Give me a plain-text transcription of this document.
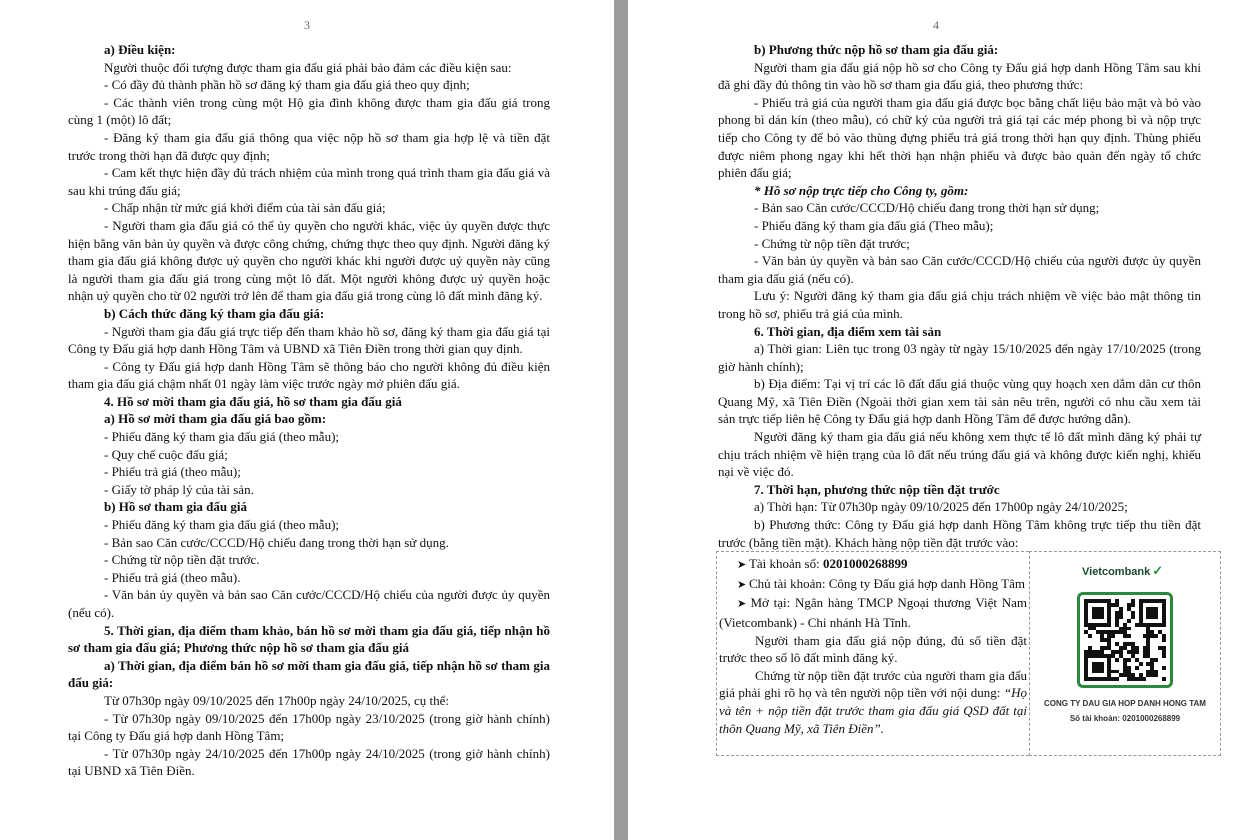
3

a) Điều kiện:

Người thuộc đối tượng được tham gia đấu giá phải bảo đảm các điều kiện sau:

- Có đầy đủ thành phần hồ sơ đăng ký tham gia đấu giá theo quy định;

- Các thành viên trong cùng một Hộ gia đình không được tham gia đấu giá trong cùng 1 (một) lô đất;

- Đăng ký tham gia đấu giá thông qua việc nộp hồ sơ tham gia hợp lệ và tiền đặt trước trong thời hạn đã được quy định;

- Cam kết thực hiện đầy đủ trách nhiệm của mình trong quá trình tham gia đấu giá và sau khi trúng đấu giá;

- Chấp nhận từ mức giá khởi điểm của tài sản đấu giá;

- Người tham gia đấu giá có thể ủy quyền cho người khác, việc ủy quyền được thực hiện bằng văn bản ủy quyền và được công chứng, chứng thực theo quy định. Người đăng ký tham gia đấu giá không được uỷ quyền cho người khác khi người được uỷ quyền này cũng là người tham gia đấu giá trong cùng một lô đất. Một người không được uỷ quyền hoặc nhận uỷ quyền cho từ 02 người trở lên để tham gia đấu giá trong cùng lô đất mình đăng ký.

b) Cách thức đăng ký tham gia đấu giá:

- Người tham gia đấu giá trực tiếp đến tham khảo hồ sơ, đăng ký tham gia đấu giá tại Công ty Đấu giá hợp danh Hồng Tâm và UBND xã Tiên Điền trong thời gian quy định.

- Công ty Đấu giá hợp danh Hồng Tâm sẽ thông báo cho người không đủ điều kiện tham gia đấu giá chậm nhất 01 ngày làm việc trước ngày mở phiên đấu giá.

4. Hồ sơ mời tham gia đấu giá, hồ sơ tham gia đấu giá

a) Hồ sơ mời tham gia đấu giá bao gồm:

- Phiếu đăng ký tham gia đấu giá (theo mẫu);

- Quy chế cuộc đấu giá;

- Phiếu trả giá (theo mẫu);

- Giấy tờ pháp lý của tài sản.

b) Hồ sơ tham gia đấu giá

- Phiếu đăng ký tham gia đấu giá (theo mẫu);

- Bản sao Căn cước/CCCD/Hộ chiếu đang trong thời hạn sử dụng.

- Chứng từ nộp tiền đặt trước.

- Phiếu trả giá (theo mẫu).

- Văn bản ủy quyền và bản sao Căn cước/CCCD/Hộ chiếu của người được ủy quyền (nếu có).

5. Thời gian, địa điểm tham khảo, bán hồ sơ mời tham gia đấu giá, tiếp nhận hồ sơ tham gia đấu giá; Phương thức nộp hồ sơ tham gia đấu giá

a) Thời gian, địa điểm bán hồ sơ mời tham gia đấu giá, tiếp nhận hồ sơ tham gia đấu giá:

Từ 07h30p ngày 09/10/2025 đến 17h00p ngày 24/10/2025, cụ thể:

- Từ 07h30p ngày 09/10/2025 đến 17h00p ngày 23/10/2025 (trong giờ hành chính) tại Công ty Đấu giá hợp danh Hồng Tâm;

- Từ 07h30p ngày 24/10/2025 đến 17h00p ngày 24/10/2025 (trong giờ hành chính) tại UBND xã Tiên Điền.

4

b) Phương thức nộp hồ sơ tham gia đấu giá:

Người tham gia đấu giá nộp hồ sơ cho Công ty Đấu giá hợp danh Hồng Tâm sau khi đã ghi đầy đủ thông tin vào hồ sơ tham gia đấu giá, theo phương thức:

- Phiếu trả giá của người tham gia đấu giá được bọc bằng chất liệu bảo mật và bỏ vào phong bì dán kín (theo mẫu), có chữ ký của người trả giá tại các mép phong bì và nộp trực tiếp cho Công ty để bỏ vào thùng đựng phiếu trả giá trong thời hạn quy định. Thùng phiếu được niêm phong ngay khi hết thời hạn nhận phiếu và được bảo quản đến ngày tổ chức phiên đấu giá;

* Hồ sơ nộp trực tiếp cho Công ty, gồm:

- Bản sao Căn cước/CCCD/Hộ chiếu đang trong thời hạn sử dụng;

- Phiếu đăng ký tham gia đấu giá (Theo mẫu);

- Chứng từ nộp tiền đặt trước;

- Văn bản ủy quyền và bản sao Căn cước/CCCD/Hộ chiếu của người được ủy quyền tham gia đấu giá (nếu có).

Lưu ý: Người đăng ký tham gia đấu giá chịu trách nhiệm về việc bảo mật thông tin trong hồ sơ, phiếu trả giá của mình.

6. Thời gian, địa điểm xem tài sản

a) Thời gian: Liên tục trong 03 ngày từ ngày 15/10/2025 đến ngày 17/10/2025 (trong giờ hành chính);

b) Địa điểm: Tại vị trí các lô đất đấu giá thuộc vùng quy hoạch xen dắm dân cư thôn Quang Mỹ, xã Tiên Điền (Ngoài thời gian xem tài sản nêu trên, người có nhu cầu xem tài sản trực tiếp liên hệ Công ty Đấu giá hợp danh Hồng Tâm để được hướng dẫn).

Người đăng ký tham gia đấu giá nếu không xem thực tế lô đất mình đăng ký phải tự chịu trách nhiệm về hiện trạng của lô đất nếu trúng đấu giá và không được kiến nghị, khiếu nại về việc đó.

7. Thời hạn, phương thức nộp tiền đặt trước

a) Thời hạn: Từ 07h30p ngày 09/10/2025 đến 17h00p ngày 24/10/2025;

b) Phương thức: Công ty Đấu giá hợp danh Hồng Tâm không trực tiếp thu tiền đặt trước (bằng tiền mặt). Khách hàng nộp tiền đặt trước vào:

➤ Tài khoản số: 0201000268899

➤ Chủ tài khoản: Công ty Đấu giá hợp danh Hồng Tâm

➤ Mở tại: Ngân hàng TMCP Ngoại thương Việt Nam (Vietcombank) - Chi nhánh Hà Tĩnh.

Người tham gia đấu giá nộp đúng, đủ số tiền đặt trước theo số lô đất mình đăng ký.

Chứng từ nộp tiền đặt trước của người tham gia đấu giá phải ghi rõ họ và tên người nộp tiền với nội dung: “Họ và tên + nộp tiền đặt trước tham gia đấu giá QSD đất tại thôn Quang Mỹ, xã Tiên Điền”.

Vietcombank ✓
CONG TY DAU GIA HOP DANH HONG TAM
Số tài khoản: 0201000268899
